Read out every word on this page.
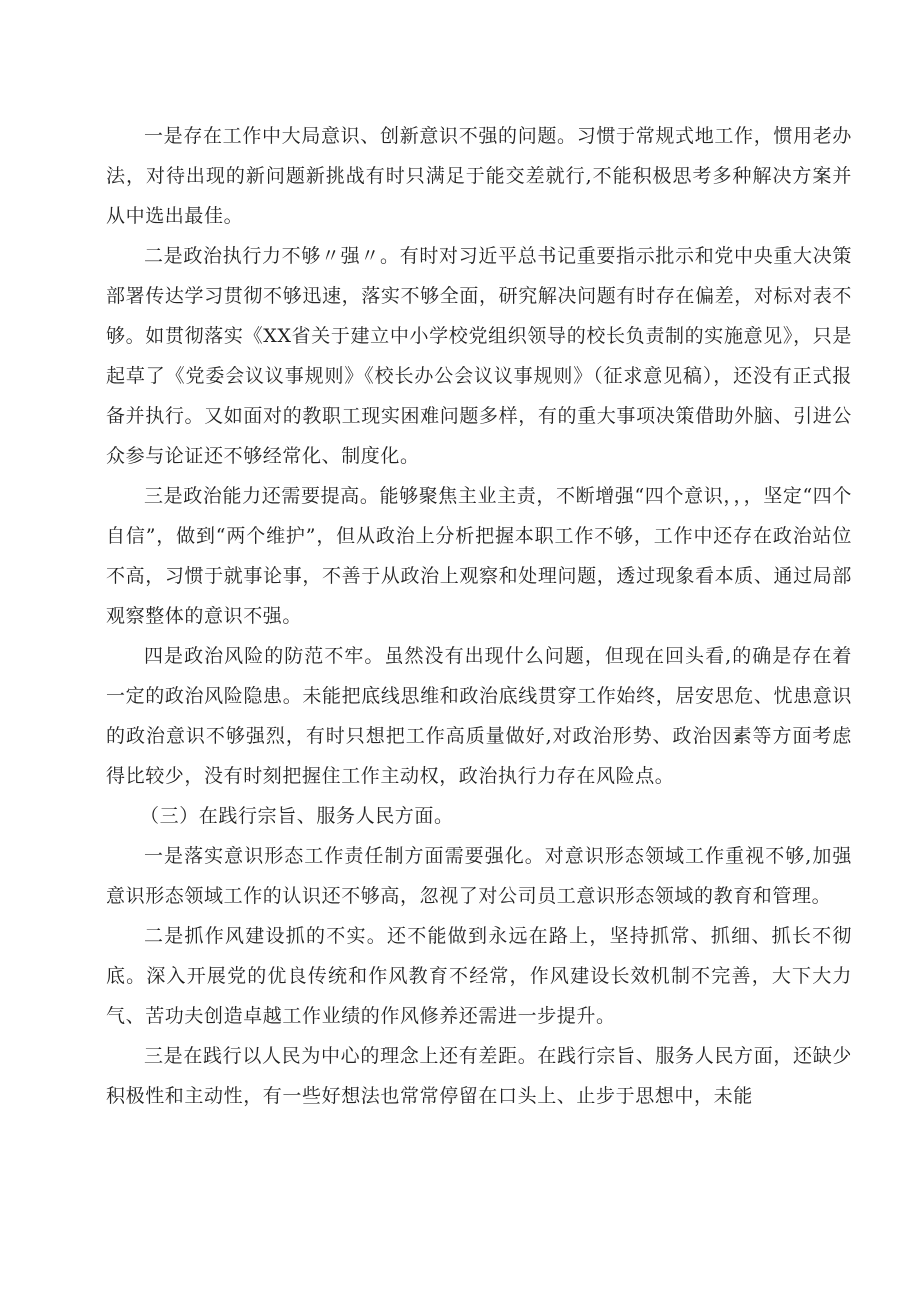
一是存在工作中大局意识、创新意识不强的问题。习惯于常规式地工作，惯用老办法，对待出现的新问题新挑战有时只满足于能交差就行,不能积极思考多种解决方案并从中选出最佳。

二是政治执行力不够〃强〃。有时对习近平总书记重要指示批示和党中央重大决策部署传达学习贯彻不够迅速，落实不够全面，研究解决问题有时存在偏差，对标对表不够。如贯彻落实《XX省关于建立中小学校党组织领导的校长负责制的实施意见》，只是起草了《党委会议议事规则》《校长办公会议议事规则》（征求意见稿），还没有正式报备并执行。又如面对的教职工现实困难问题多样，有的重大事项决策借助外脑、引进公众参与论证还不够经常化、制度化。

三是政治能力还需要提高。能够聚焦主业主责，不断增强“四个意识，，，坚定“四个自信”，做到“两个维护”，但从政治上分析把握本职工作不够，工作中还存在政治站位不高，习惯于就事论事，不善于从政治上观察和处理问题，透过现象看本质、通过局部观察整体的意识不强。

四是政治风险的防范不牢。虽然没有出现什么问题，但现在回头看,的确是存在着一定的政治风险隐患。未能把底线思维和政治底线贯穿工作始终，居安思危、忧患意识的政治意识不够强烈，有时只想把工作高质量做好,对政治形势、政治因素等方面考虑得比较少，没有时刻把握住工作主动权，政治执行力存在风险点。

（三）在践行宗旨、服务人民方面。

一是落实意识形态工作责任制方面需要强化。对意识形态领域工作重视不够,加强意识形态领域工作的认识还不够高，忽视了对公司员工意识形态领域的教育和管理。

二是抓作风建设抓的不实。还不能做到永远在路上，坚持抓常、抓细、抓长不彻底。深入开展党的优良传统和作风教育不经常，作风建设长效机制不完善，大下大力气、苦功夫创造卓越工作业绩的作风修养还需进一步提升。

三是在践行以人民为中心的理念上还有差距。在践行宗旨、服务人民方面，还缺少积极性和主动性，有一些好想法也常常停留在口头上、止步于思想中，未能
